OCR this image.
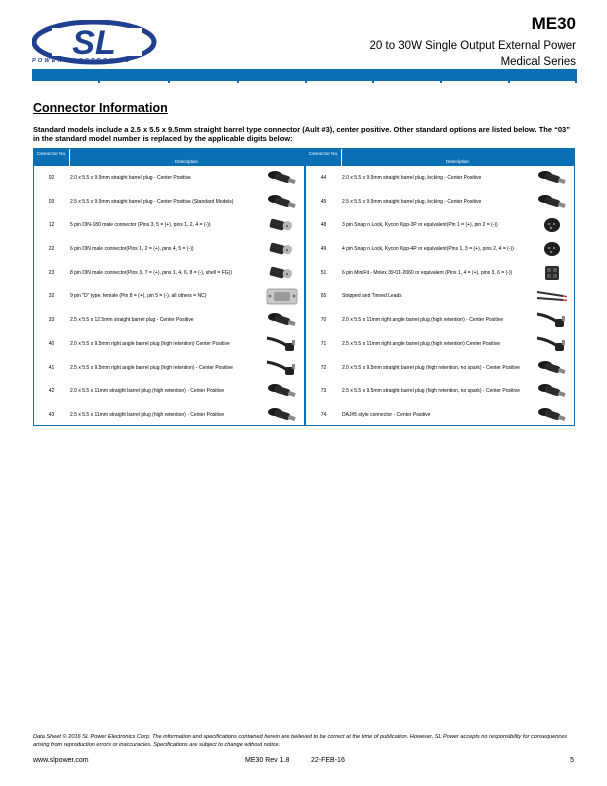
SL
POWER ELECTRONICS
ME30
20 to 30W Single Output External Power
Medical Series
Connector Information
Standard models include a 2.5 x 5.5 x 9.5mm straight barrel type connector (Ault #3), center positive. Other standard options are listed below. The “03” in the standard model number is replaced by the applicable digits below:
Connector No.
Description
02	2.0 x 5.5 x 9.5mm straight barrel plug - Center Positive
03	2.5 x 5.5 x 9.5mm straight barrel plug - Center Positive (Standard Models)
12	5 pin DIN-180 male connector (Pins 3, 5 = (+), pins 1, 2, 4 = (-))
22	6 pin DIN male connector(Pins 1, 2 = (+), pins 4, 5 = (-))
23	8 pin DIN male connector(Pins 3, 7 = (+), pins 1, 4, 6, 8 = (-), shell = FG))
32	9 pin "D" type, female (Pin 8 = (+), pin 5 = (-), all others = NC)
33	2.5 x 5.5 x 12.5mm straight barrel plug - Center Positive
40	2.0 x 5.5 x 9.5mm right angle barrel plug (high retention) Center Positive
41	2.5 x 5.5 x 9.5mm right angle barrel plug (high retention) - Center Positive
42	2.0 x 5.5 x 11mm straight barrel plug (high retention) - Center Positive
43	2.5 x 5.5 x 11mm straight barrel plug (high retention) - Center Positive
Connector No.
Description
44	2.0 x 5.5 x 9.5mm straight barrel plug, locking - Center Positive
45	2.5 x 5.5 x 9.5mm straight barrel plug, locking - Center Positive
48	3 pin Snap n Lock, Kycon Kpp-3P or equivalent(Pin 1 = (+), pin 2 = (-))
49	4 pin Snap n Lock, Kycon Kpp-4P or equivalent(Pins 1, 3 = (+), pins 2, 4 = (-))
51	6 pin MiniFit - Molex 39-01-2060 or equivalent (Pins 1, 4 = (+), pins 3, 6 = (-))
65	Stripped and Tinned Leads
70	2.0 x 5.5 x 11mm right angle barrel plug (high retention) - Center Positive
71	2.5 x 5.5 x 11mm right angle barrel plug (high retention) Center Positive
72	2.0 x 5.5 x 9.5mm straight barrel plug (high retention, no spark) - Center Positive
73	2.5 x 5.5 x 9.5mm straight barrel plug (high retention, no spark) - Center Positive
74	DAJ#5 style connector - Center Positive
Data Sheet © 2016 SL Power Electronics Corp. The information and specifications contained herein are believed to be correct at the time of publication. However, SL Power accepts no responsibility for consequences arising from reproduction errors or inaccuracies. Specifications are subject to change without notice.
www.slpower.com	ME30 Rev 1.8	22-FEB-16	5
